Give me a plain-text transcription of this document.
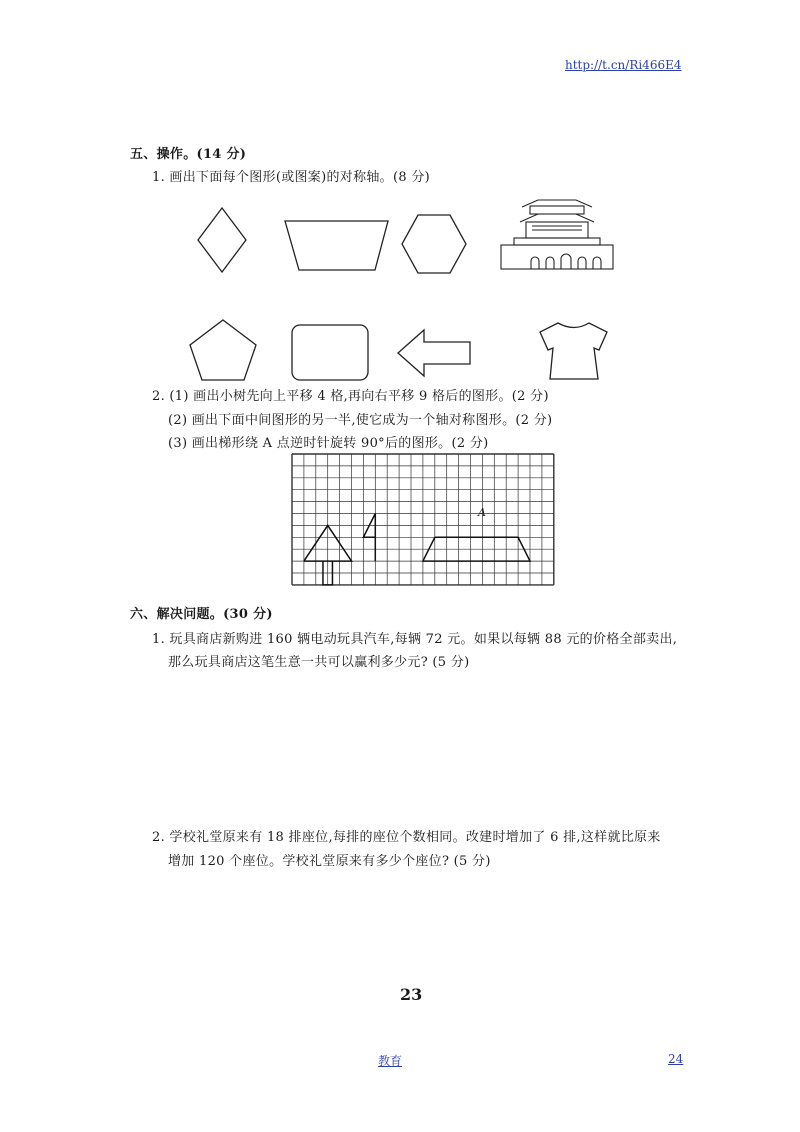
http://t.cn/Ri466E4
五、操作。(14 分)
1. 画出下面每个图形(或图案)的对称轴。(8 分)
2. (1) 画出小树先向上平移 4 格,再向右平移 9 格后的图形。(2 分)
(2) 画出下面中间图形的另一半,使它成为一个轴对称图形。(2 分)
(3) 画出梯形绕 A 点逆时针旋转 90°后的图形。(2 分)
A
六、解决问题。(30 分)
1. 玩具商店新购进 160 辆电动玩具汽车,每辆 72 元。如果以每辆 88 元的价格全部卖出,
那么玩具商店这笔生意一共可以赢利多少元? (5 分)
2. 学校礼堂原来有 18 排座位,每排的座位个数相同。改建时增加了 6 排,这样就比原来
增加 120 个座位。学校礼堂原来有多少个座位? (5 分)
23
教育	24
